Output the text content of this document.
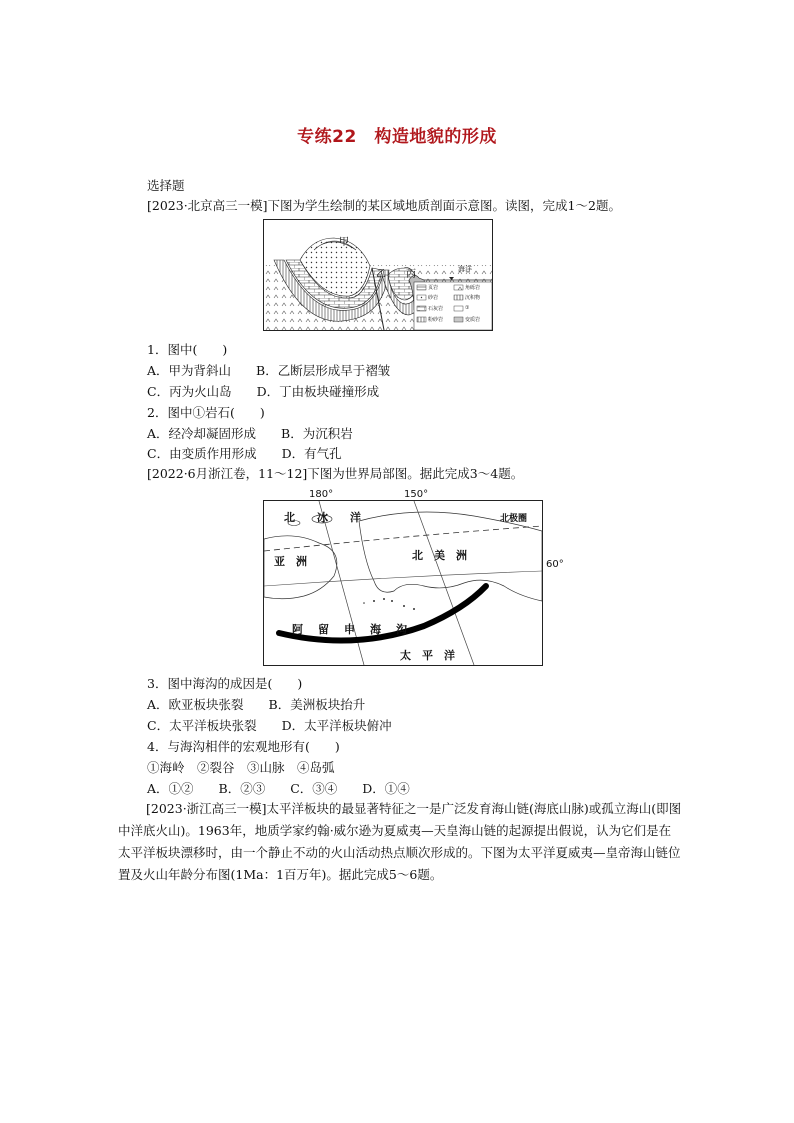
专练22　构造地貌的形成
选择题
[2023·北京高三一模]下图为学生绘制的某区域地质剖面示意图。读图，完成1～2题。
甲
乙 丙	海洋
页岩	角砾岩
砂岩	沉积物
石灰岩	①
粉砂岩	变质岩
1．图中(　　)
A．甲为背斜山　　B．乙断层形成早于褶皱
C．丙为火山岛　　D．丁由板块碰撞形成
2．图中①岩石(　　)
A．经冷却凝固形成　　B．为沉积岩
C．由变质作用形成　　D．有气孔
[2022·6月浙江卷，11～12]下图为世界局部图。据此完成3～4题。
180°	150°
北极圈
北　　冰　　洋
亚　洲	北　美　洲
60°
阿　留　申　海　沟
太　平　洋
3．图中海沟的成因是(　　)
A．欧亚板块张裂　　B．美洲板块抬升
C．太平洋板块张裂　　D．太平洋板块俯冲
4．与海沟相伴的宏观地形有(　　)
①海岭　②裂谷　③山脉　④岛弧
A．①②　　B．②③　　C．③④　　D．①④
[2023·浙江高三一模]太平洋板块的最显著特征之一是广泛发育海山链(海底山脉)或孤立海山(即图中洋底火山)。1963年，地质学家约翰·威尔逊为夏威夷—天皇海山链的起源提出假说，认为它们是在太平洋板块漂移时，由一个静止不动的火山活动热点顺次形成的。下图为太平洋夏威夷—皇帝海山链位置及火山年龄分布图(1Ma：1百万年)。据此完成5～6题。
